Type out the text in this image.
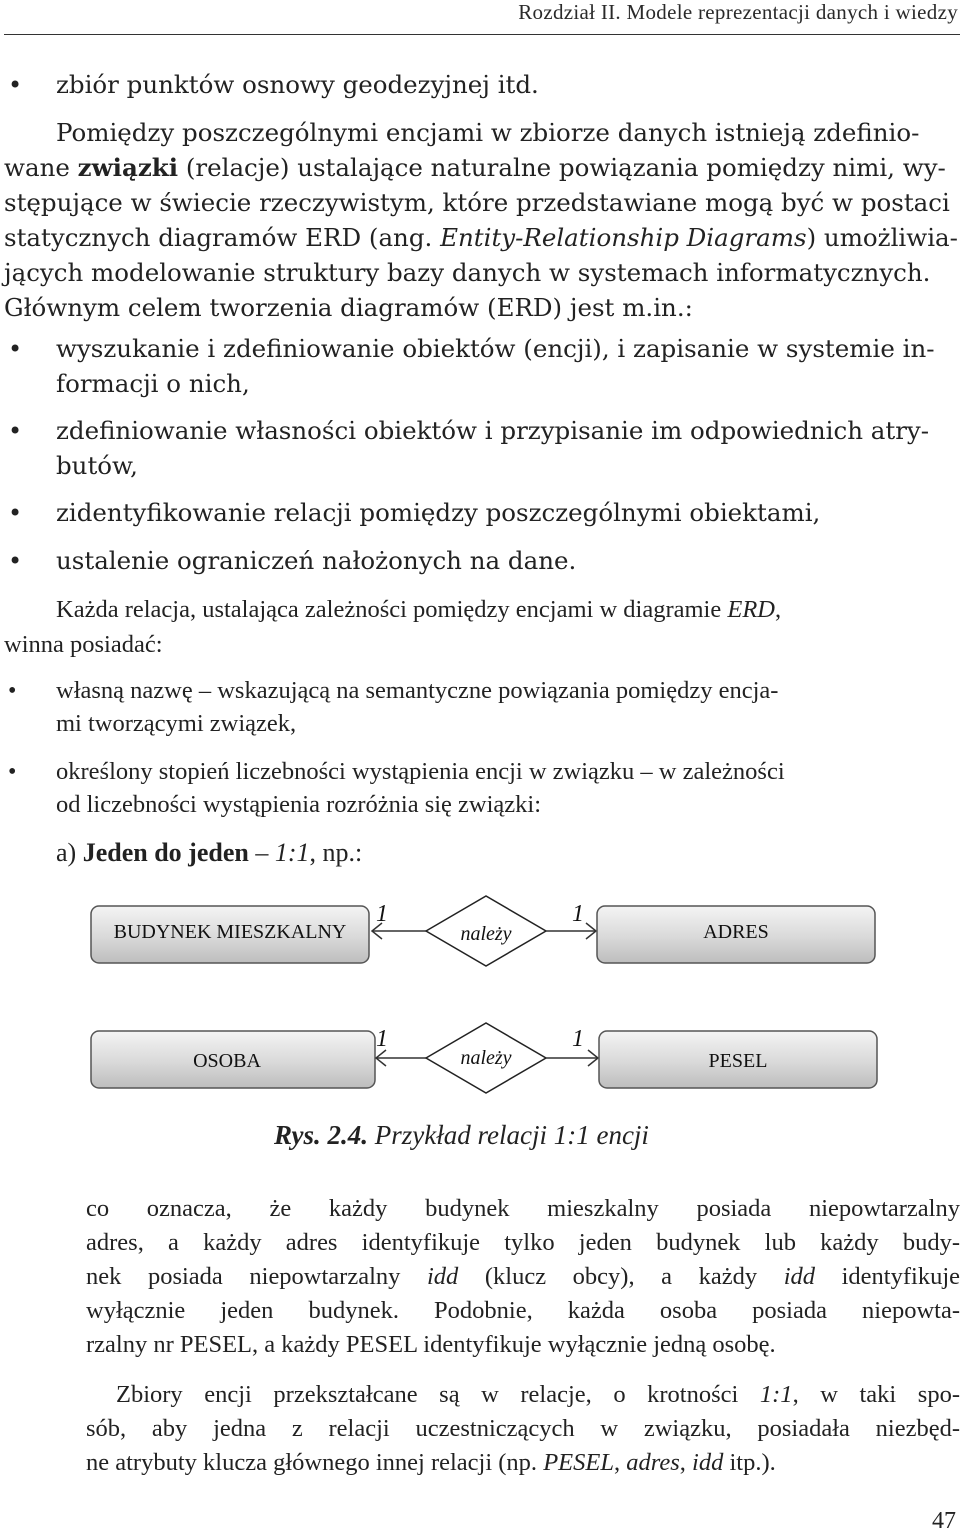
Rozdział II. Modele reprezentacji danych i wiedzy
zbiór punktów osnowy geodezyjnej itd.
Pomiędzy poszczególnymi encjami w zbiorze danych istnieją zdefinio-
wane związki (relacje) ustalające naturalne powiązania pomiędzy nimi, wy-
stępujące w świecie rzeczywistym, które przedstawiane mogą być w postaci
statycznych diagramów ERD (ang. Entity-Relationship Diagrams) umożliwia-
jących modelowanie struktury bazy danych w systemach informatycznych.
Głównym celem tworzenia diagramów (ERD) jest m.in.:
wyszukanie i zdefiniowanie obiektów (encji), i zapisanie w systemie in-
formacji o nich,
zdefiniowanie własności obiektów i przypisanie im odpowiednich atry-
butów,
zidentyfikowanie relacji pomiędzy poszczególnymi obiektami,
ustalenie ograniczeń nałożonych na dane.
Każda relacja, ustalająca zależności pomiędzy encjami w diagramie ERD,
winna posiadać:
własną nazwę – wskazującą na semantyczne powiązania pomiędzy encja-
mi tworzącymi związek,
określony stopień liczebności wystąpienia encji w związku – w zależności
od liczebności wystąpienia rozróżnia się związki:
a) Jeden do jeden – 1:1, np.:
BUDYNEK MIESZKALNY
1
należy
1
ADRES
OSOBA
1
należy
1
PESEL
Rys. 2.4. Przykład relacji 1:1 encji
co oznacza, że każdy budynek mieszkalny posiada niepowtarzalny
adres, a każdy adres identyfikuje tylko jeden budynek lub każdy budy-
nek posiada niepowtarzalny idd (klucz obcy), a każdy idd identyfikuje
wyłącznie jeden budynek. Podobnie, każda osoba posiada niepowta-
rzalny nr PESEL, a każdy PESEL identyfikuje wyłącznie jedną osobę.
Zbiory encji przekształcane są w relacje, o krotności 1:1, w taki spo-
sób, aby jedna z relacji uczestniczących w związku, posiadała niezbęd-
ne atrybuty klucza głównego innej relacji (np. PESEL, adres, idd itp.).
47
